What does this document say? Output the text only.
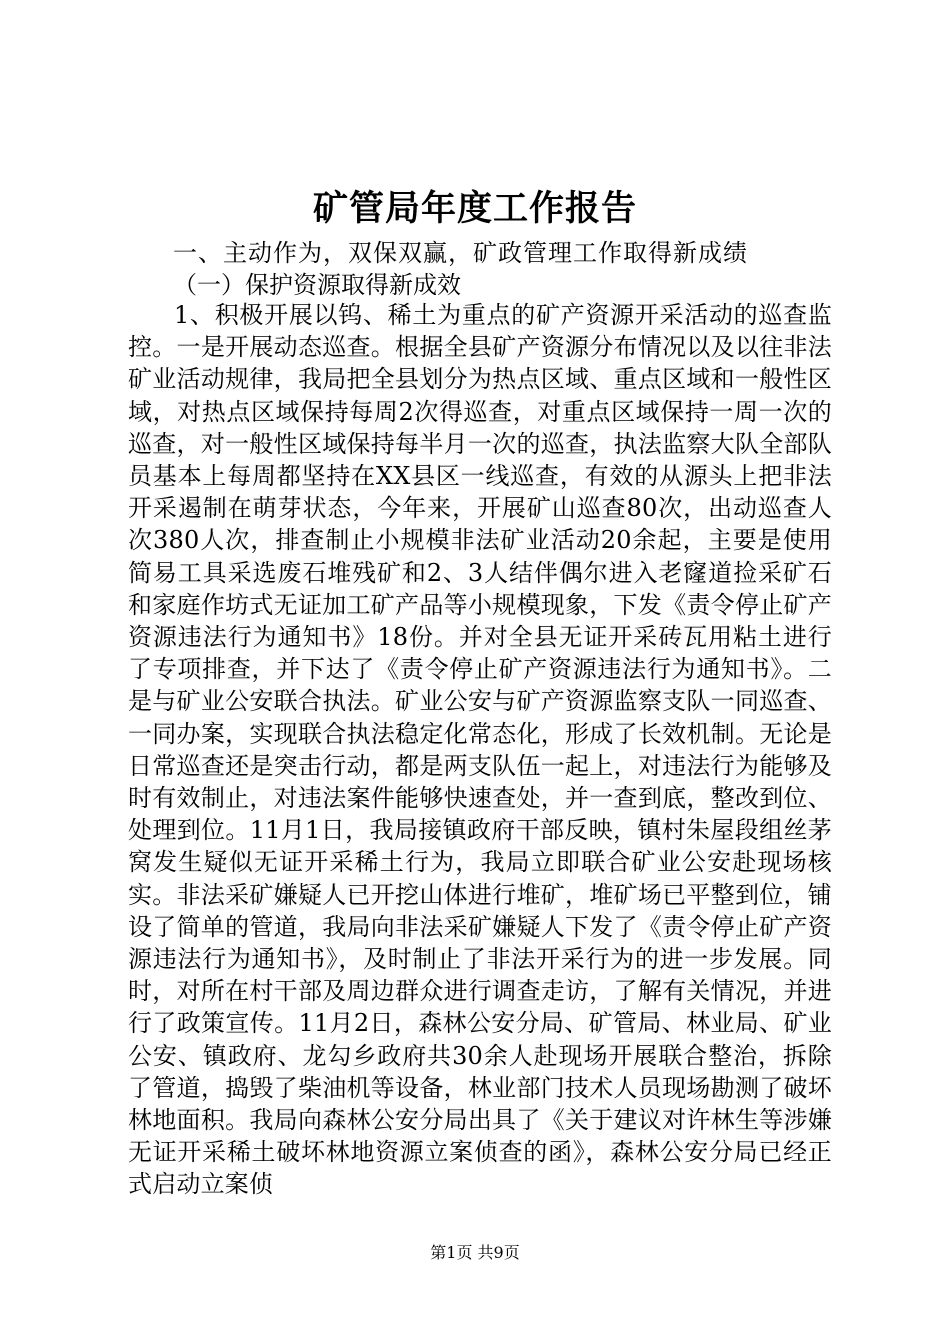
矿管局年度工作报告
一、主动作为，双保双赢，矿政管理工作取得新成绩
（一）保护资源取得新成效

1、积极开展以钨、稀土为重点的矿产资源开采活动的巡查监控。一是开展动态巡查。根据全县矿产资源分布情况以及以往非法矿业活动规律，我局把全县划分为热点区域、重点区域和一般性区域，对热点区域保持每周2次得巡查，对重点区域保持一周一次的巡查，对一般性区域保持每半月一次的巡查，执法监察大队全部队员基本上每周都坚持在XX县区一线巡查，有效的从源头上把非法开采遏制在萌芽状态，今年来，开展矿山巡查80次，出动巡查人次380人次，排查制止小规模非法矿业活动20余起，主要是使用简易工具采选废石堆残矿和2、3人结伴偶尔进入老窿道捡采矿石和家庭作坊式无证加工矿产品等小规模现象，下发《责令停止矿产资源违法行为通知书》18份。并对全县无证开采砖瓦用粘土进行了专项排查，并下达了《责令停止矿产资源违法行为通知书》。二是与矿业公安联合执法。矿业公安与矿产资源监察支队一同巡查、一同办案，实现联合执法稳定化常态化，形成了长效机制。无论是日常巡查还是突击行动，都是两支队伍一起上，对违法行为能够及时有效制止，对违法案件能够快速查处，并一查到底，整改到位、处理到位。11月1日，我局接镇政府干部反映，镇村朱屋段组丝茅窝发生疑似无证开采稀土行为，我局立即联合矿业公安赴现场核实。非法采矿嫌疑人已开挖山体进行堆矿，堆矿场已平整到位，铺设了简单的管道，我局向非法采矿嫌疑人下发了《责令停止矿产资源违法行为通知书》，及时制止了非法开采行为的进一步发展。同时，对所在村干部及周边群众进行调查走访，了解有关情况，并进行了政策宣传。11月2日，森林公安分局、矿管局、林业局、矿业公安、镇政府、龙勾乡政府共30余人赴现场开展联合整治，拆除了管道，捣毁了柴油机等设备，林业部门技术人员现场勘测了破坏林地面积。我局向森林公安分局出具了《关于建议对许林生等涉嫌无证开采稀土破坏林地资源立案侦查的函》，森林公安分局已经正式启动立案侦

第1页 共9页
